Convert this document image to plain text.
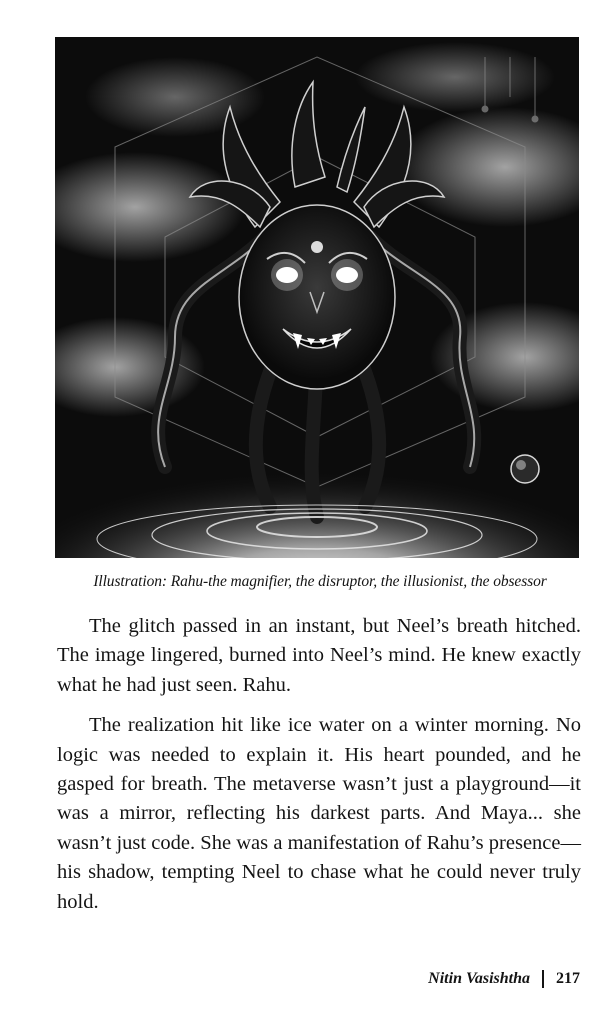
Illustration: Rahu-the magnifier, the disruptor, the illusionist, the obsessor

The glitch passed in an instant, but Neel’s breath hitched. The image lingered, burned into Neel’s mind. He knew exactly what he had just seen. Rahu.

The realization hit like ice water on a winter morning. No logic was needed to explain it. His heart pounded, and he gasped for breath. The metaverse wasn’t just a playground—it was a mirror, reflecting his darkest parts. And Maya... she wasn’t just code. She was a manifestation of Rahu’s presence—his shadow, tempting Neel to chase what he could never truly hold.

Nitin Vasishtha 217
